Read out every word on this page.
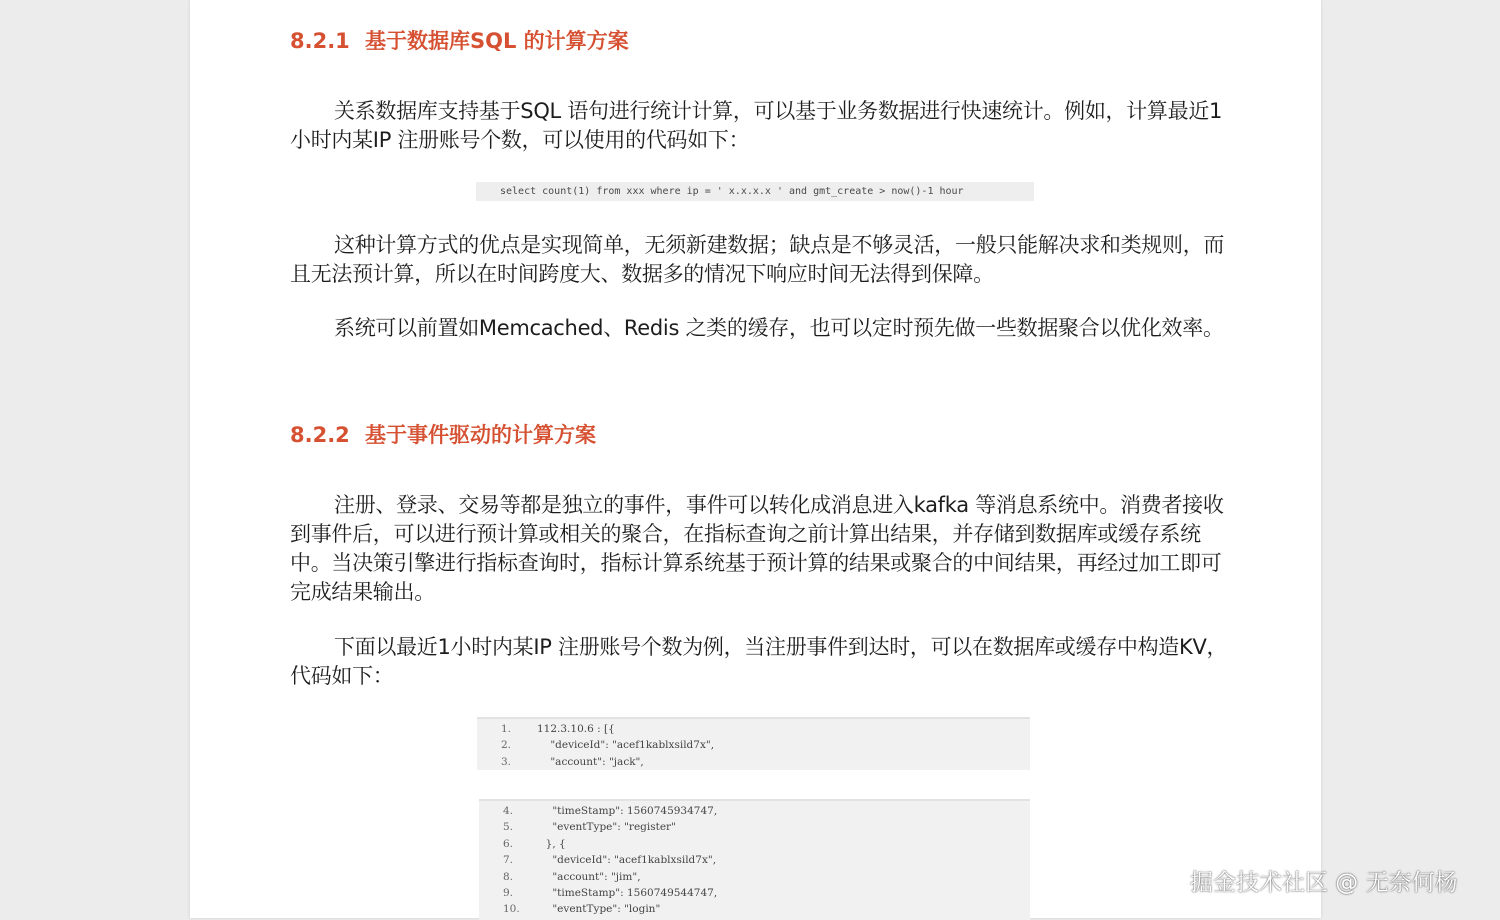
8.2.1 基于数据库SQL 的计算方案
关系数据库支持基于SQL 语句进行统计计算，可以基于业务数据进行快速统计。例如，计算最近1小时内某IP 注册账号个数，可以使用的代码如下：
select count(1) from xxx where ip = ' x.x.x.x ' and gmt_create > now()-1 hour
这种计算方式的优点是实现简单，无须新建数据；缺点是不够灵活，一般只能解决求和类规则，而且无法预计算，所以在时间跨度大、数据多的情况下响应时间无法得到保障。
系统可以前置如Memcached、Redis 之类的缓存，也可以定时预先做一些数据聚合以优化效率。
8.2.2 基于事件驱动的计算方案
注册、登录、交易等都是独立的事件，事件可以转化成消息进入kafka 等消息系统中。消费者接收到事件后，可以进行预计算或相关的聚合，在指标查询之前计算出结果，并存储到数据库或缓存系统中。当决策引擎进行指标查询时，指标计算系统基于预计算的结果或聚合的中间结果，再经过加工即可完成结果输出。
下面以最近1小时内某IP 注册账号个数为例，当注册事件到达时，可以在数据库或缓存中构造KV，代码如下：
1. 112.3.10.6 : [{
2. "deviceId": "acef1kablxsild7x",
3. "account": "jack",
4. "timeStamp": 1560745934747,
5. "eventType": "register"
6. }, {
7. "deviceId": "acef1kablxsild7x",
8. "account": "jim",
9. "timeStamp": 1560749544747,
10. "eventType": "login"
掘金技术社区 @ 无奈何杨
